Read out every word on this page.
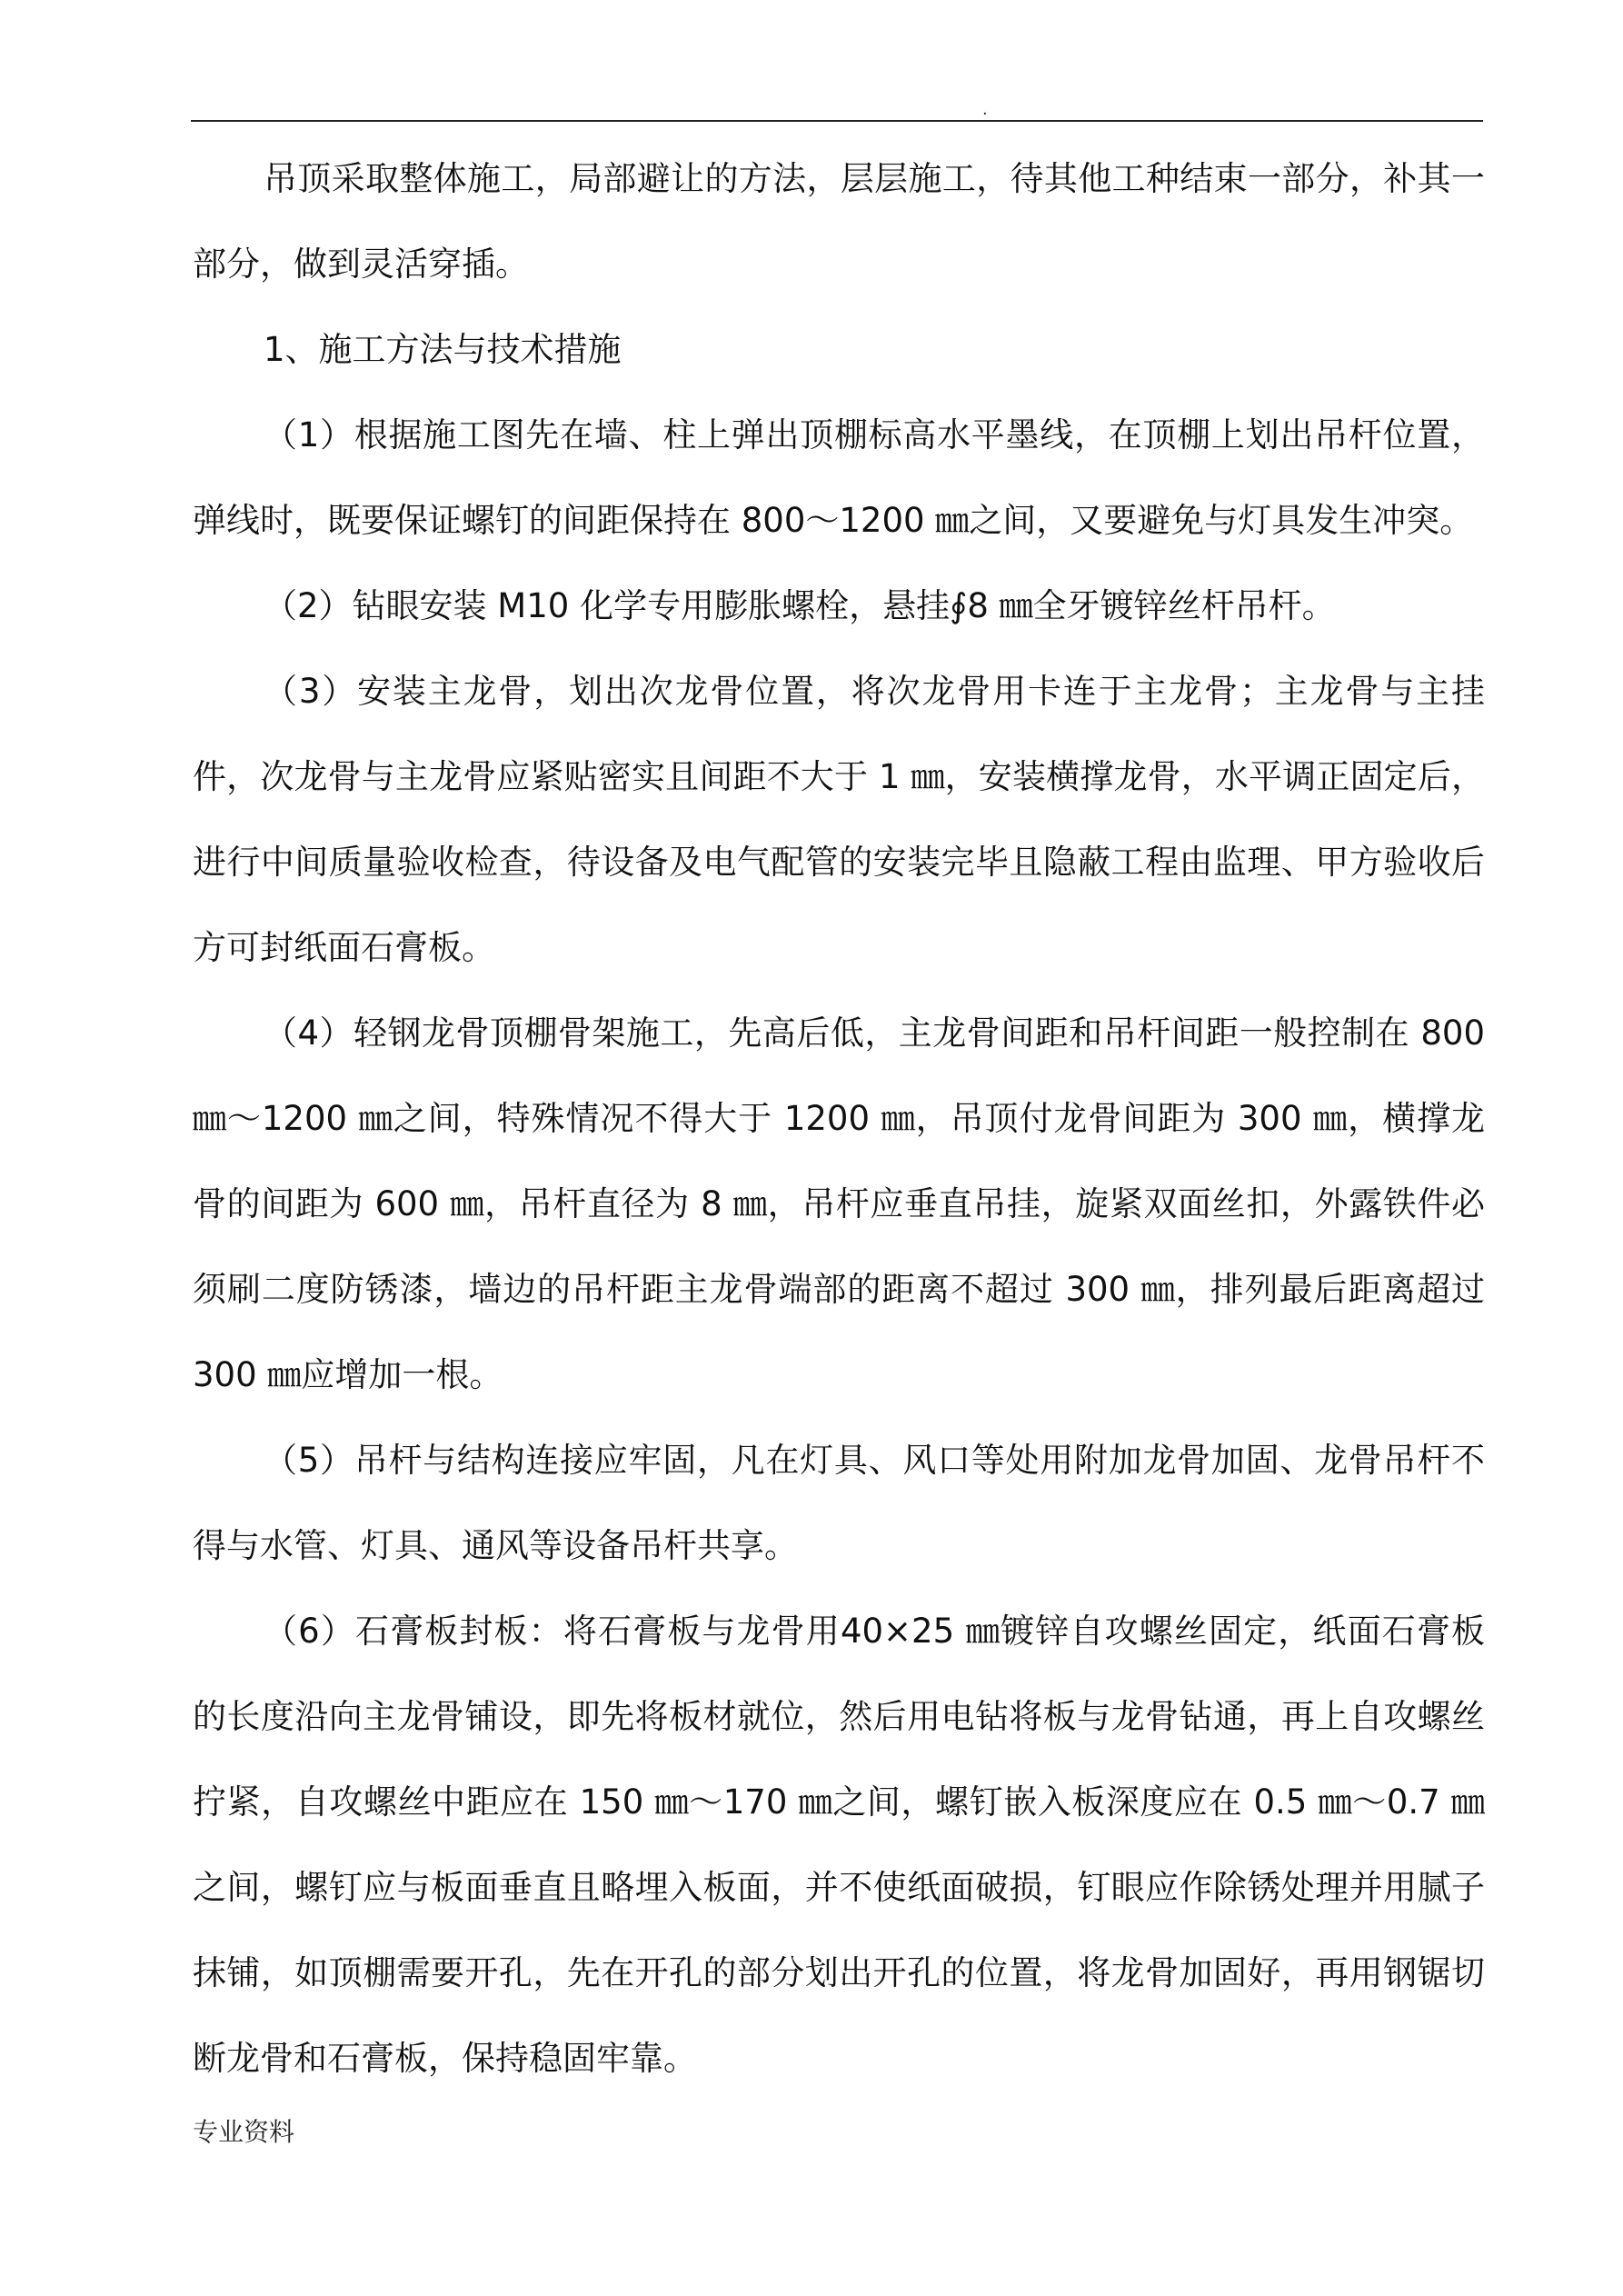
.

吊顶采取整体施工，局部避让的方法，层层施工，待其他工种结束一部分，补其一部分，做到灵活穿插。

1、施工方法与技术措施

（1）根据施工图先在墙、柱上弹出顶棚标高水平墨线，在顶棚上划出吊杆位置，弹线时，既要保证螺钉的间距保持在 800～1200 ㎜之间，又要避免与灯具发生冲突。

（2）钻眼安装 M10 化学专用膨胀螺栓，悬挂∮8 ㎜全牙镀锌丝杆吊杆。

（3）安装主龙骨，划出次龙骨位置，将次龙骨用卡连于主龙骨；主龙骨与主挂件，次龙骨与主龙骨应紧贴密实且间距不大于 1 ㎜，安装横撑龙骨，水平调正固定后，进行中间质量验收检查，待设备及电气配管的安装完毕且隐蔽工程由监理、甲方验收后方可封纸面石膏板。

（4）轻钢龙骨顶棚骨架施工，先高后低，主龙骨间距和吊杆间距一般控制在 800 ㎜～1200 ㎜之间，特殊情况不得大于 1200 ㎜，吊顶付龙骨间距为 300 ㎜，横撑龙骨的间距为 600 ㎜，吊杆直径为 8 ㎜，吊杆应垂直吊挂，旋紧双面丝扣，外露铁件必须刷二度防锈漆，墙边的吊杆距主龙骨端部的距离不超过 300 ㎜，排列最后距离超过 300 ㎜应增加一根。

（5）吊杆与结构连接应牢固，凡在灯具、风口等处用附加龙骨加固、龙骨吊杆不得与水管、灯具、通风等设备吊杆共享。

（6）石膏板封板：将石膏板与龙骨用40×25 ㎜镀锌自攻螺丝固定，纸面石膏板的长度沿向主龙骨铺设，即先将板材就位，然后用电钻将板与龙骨钻通，再上自攻螺丝拧紧，自攻螺丝中距应在 150 ㎜～170 ㎜之间，螺钉嵌入板深度应在 0.5 ㎜～0.7 ㎜之间，螺钉应与板面垂直且略埋入板面，并不使纸面破损，钉眼应作除锈处理并用腻子抹铺，如顶棚需要开孔，先在开孔的部分划出开孔的位置，将龙骨加固好，再用钢锯切断龙骨和石膏板，保持稳固牢靠。

专业资料
